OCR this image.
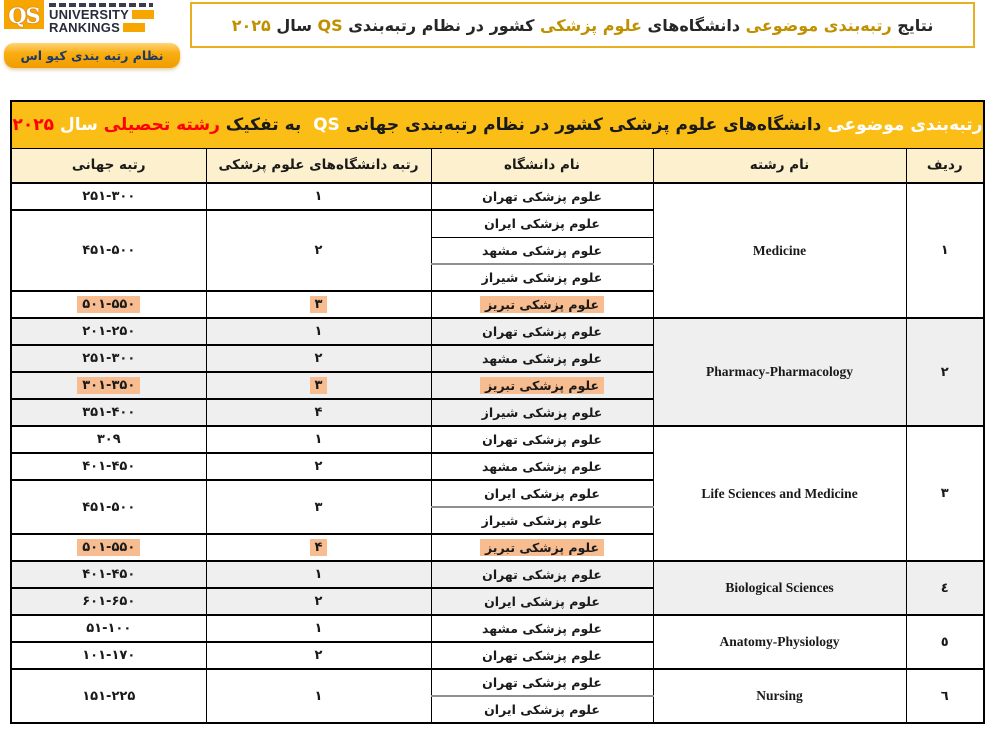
QS UNIVERSITY
RANKINGS
نظام رتبه بندی کیو اس
نتایج
رتبه‌بندی موضوعی
دانشگاه‌های
علوم پزشکی
کشور در نظام رتبه‌بندی
QS
سال
۲۰۲۵
رتبه‌بندی موضوعی دانشگاه‌های علوم پزشکی کشور در نظام رتبه‌بندی جهانی QS  به تفکیک رشته تحصیلی سال ۲۰۲۵				
ردیف	نام رشته	نام دانشگاه	رتبه دانشگاه‌های علوم پزشکی	رتبه جهانی
۱	Medicine	علوم پزشکی تهران	۱	۲۵۱-۳۰۰
		علوم پزشکی ایران	۲	۴۵۱-۵۰۰
		علوم پزشکی مشهد		
		علوم پزشکی شیراز		
		علوم پزشکی تبریز	۳	۵۰۱-۵۵۰
۲	Pharmacy-Pharmacology	علوم پزشکی تهران	۱	۲۰۱-۲۵۰
		علوم پزشکی مشهد	۲	۲۵۱-۳۰۰
		علوم پزشکی تبریز	۳	۳۰۱-۳۵۰
		علوم پزشکی شیراز	۴	۳۵۱-۴۰۰
۳	Life Sciences and Medicine	علوم پزشکی تهران	۱	۳۰۹
		علوم پزشکی مشهد	۲	۴۰۱-۴۵۰
		علوم پزشکی ایران	۳	۴۵۱-۵۰۰
		علوم پزشکی شیراز		
		علوم پزشکی تبریز	۴	۵۰۱-۵۵۰
٤	Biological Sciences	علوم پزشکی تهران	۱	۴۰۱-۴۵۰
		علوم پزشکی ایران	۲	۶۰۱-۶۵۰
٥	Anatomy-Physiology	علوم پزشکی مشهد	۱	۵۱-۱۰۰
		علوم پزشکی تهران	۲	۱۰۱-۱۷۰
٦	Nursing	علوم پزشکی تهران	۱	۱۵۱-۲۲۵
		علوم پزشکی ایران		
